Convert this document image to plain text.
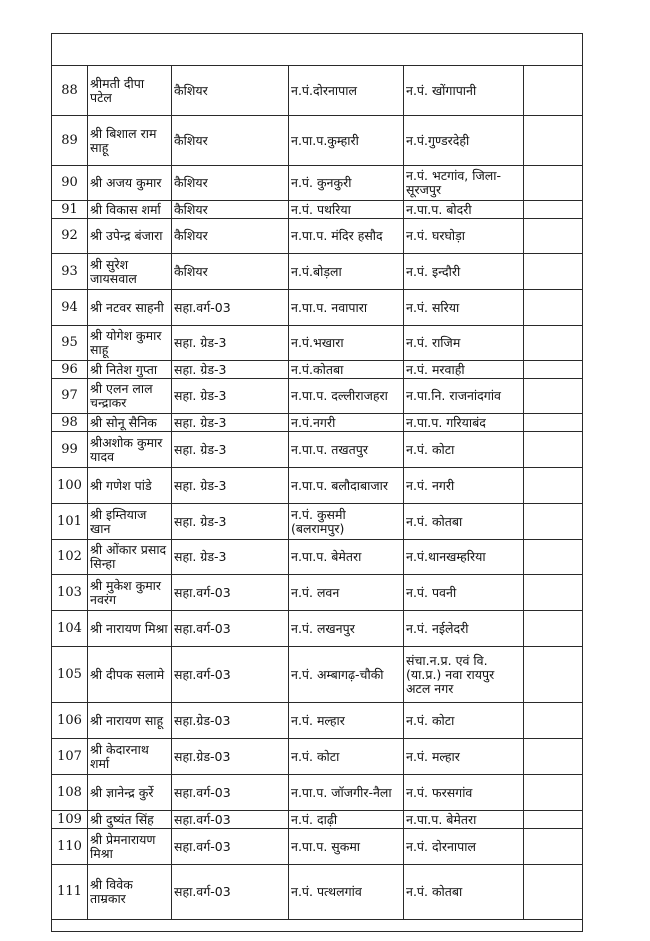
88	श्रीमती दीपा पटेल	कैशियर	न.पं.दोरनापाल	न.पं. खोंगापानी	
89	श्री बिशाल राम साहू	कैशियर	न.पा.प.कुम्हारी	न.पं.गुण्डरदेही	
90	श्री अजय कुमार	कैशियर	न.पं. कुनकुरी	न.पं. भटगांव, जिला-सूरजपुर	
91	श्री विकास शर्मा	कैशियर	न.पं. पथरिया	न.पा.प. बोदरी	
92	श्री उपेन्द्र बंजारा	कैशियर	न.पा.प. मंदिर हसौद	न.पं. घरघोड़ा	
93	श्री सुरेश जायसवाल	कैशियर	न.पं.बोड़ला	न.पं. इन्दौरी	
94	श्री नटवर साहनी	सहा.वर्ग-03	न.पा.प. नवापारा	न.पं. सरिया	
95	श्री योगेश कुमार साहू	सहा. ग्रेड-3	न.पं.भखारा	न.पं. राजिम	
96	श्री नितेश गुप्ता	सहा. ग्रेड-3	न.पं.कोतबा	न.पं. मरवाही	
97	श्री एलन लाल चन्द्राकर	सहा. ग्रेड-3	न.पा.प. दल्लीराजहरा	न.पा.नि. राजनांदगांव	
98	श्री सोनू सैनिक	सहा. ग्रेड-3	न.पं.नगरी	न.पा.प. गरियाबंद	
99	श्रीअशोक कुमार यादव	सहा. ग्रेड-3	न.पा.प. तखतपुर	न.पं. कोटा	
100	श्री गणेश पांडे	सहा. ग्रेड-3	न.पा.प. बलौदाबाजार	न.पं. नगरी	
101	श्री इम्तियाज खान	सहा. ग्रेड-3	न.पं. कुसमी (बलरामपुर)	न.पं. कोतबा	
102	श्री ओंकार प्रसाद सिन्हा	सहा. ग्रेड-3	न.पा.प. बेमेतरा	न.पं.थानखम्हरिया	
103	श्री मुकेश कुमार नवरंग	सहा.वर्ग-03	न.पं. लवन	न.पं. पवनी	
104	श्री नारायण मिश्रा	सहा.वर्ग-03	न.पं. लखनपुर	न.पं. नईलेदरी	
105	श्री दीपक सलामे	सहा.वर्ग-03	न.पं. अम्बागढ़-चौकी	संचा.न.प्र. एवं वि. (या.प्र.) नवा रायपुर अटल नगर	
106	श्री नारायण साहू	सहा.ग्रेड-03	न.पं. मल्हार	न.पं. कोटा	
107	श्री केदारनाथ शर्मा	सहा.ग्रेड-03	न.पं. कोटा	न.पं. मल्हार	
108	श्री ज्ञानेन्द्र कुर्रे	सहा.वर्ग-03	न.पा.प. जॉजगीर-नैला	न.पं. फरसगांव	
109	श्री दुष्यंत सिंह	सहा.वर्ग-03	न.पं. दाढ़ी	न.पा.प. बेमेतरा	
110	श्री प्रेमनारायण मिश्रा	सहा.वर्ग-03	न.पा.प. सुकमा	न.पं. दोरनापाल	
111	श्री विवेक ताम्रकार	सहा.वर्ग-03	न.पं. पत्थलगांव	न.पं. कोतबा	
